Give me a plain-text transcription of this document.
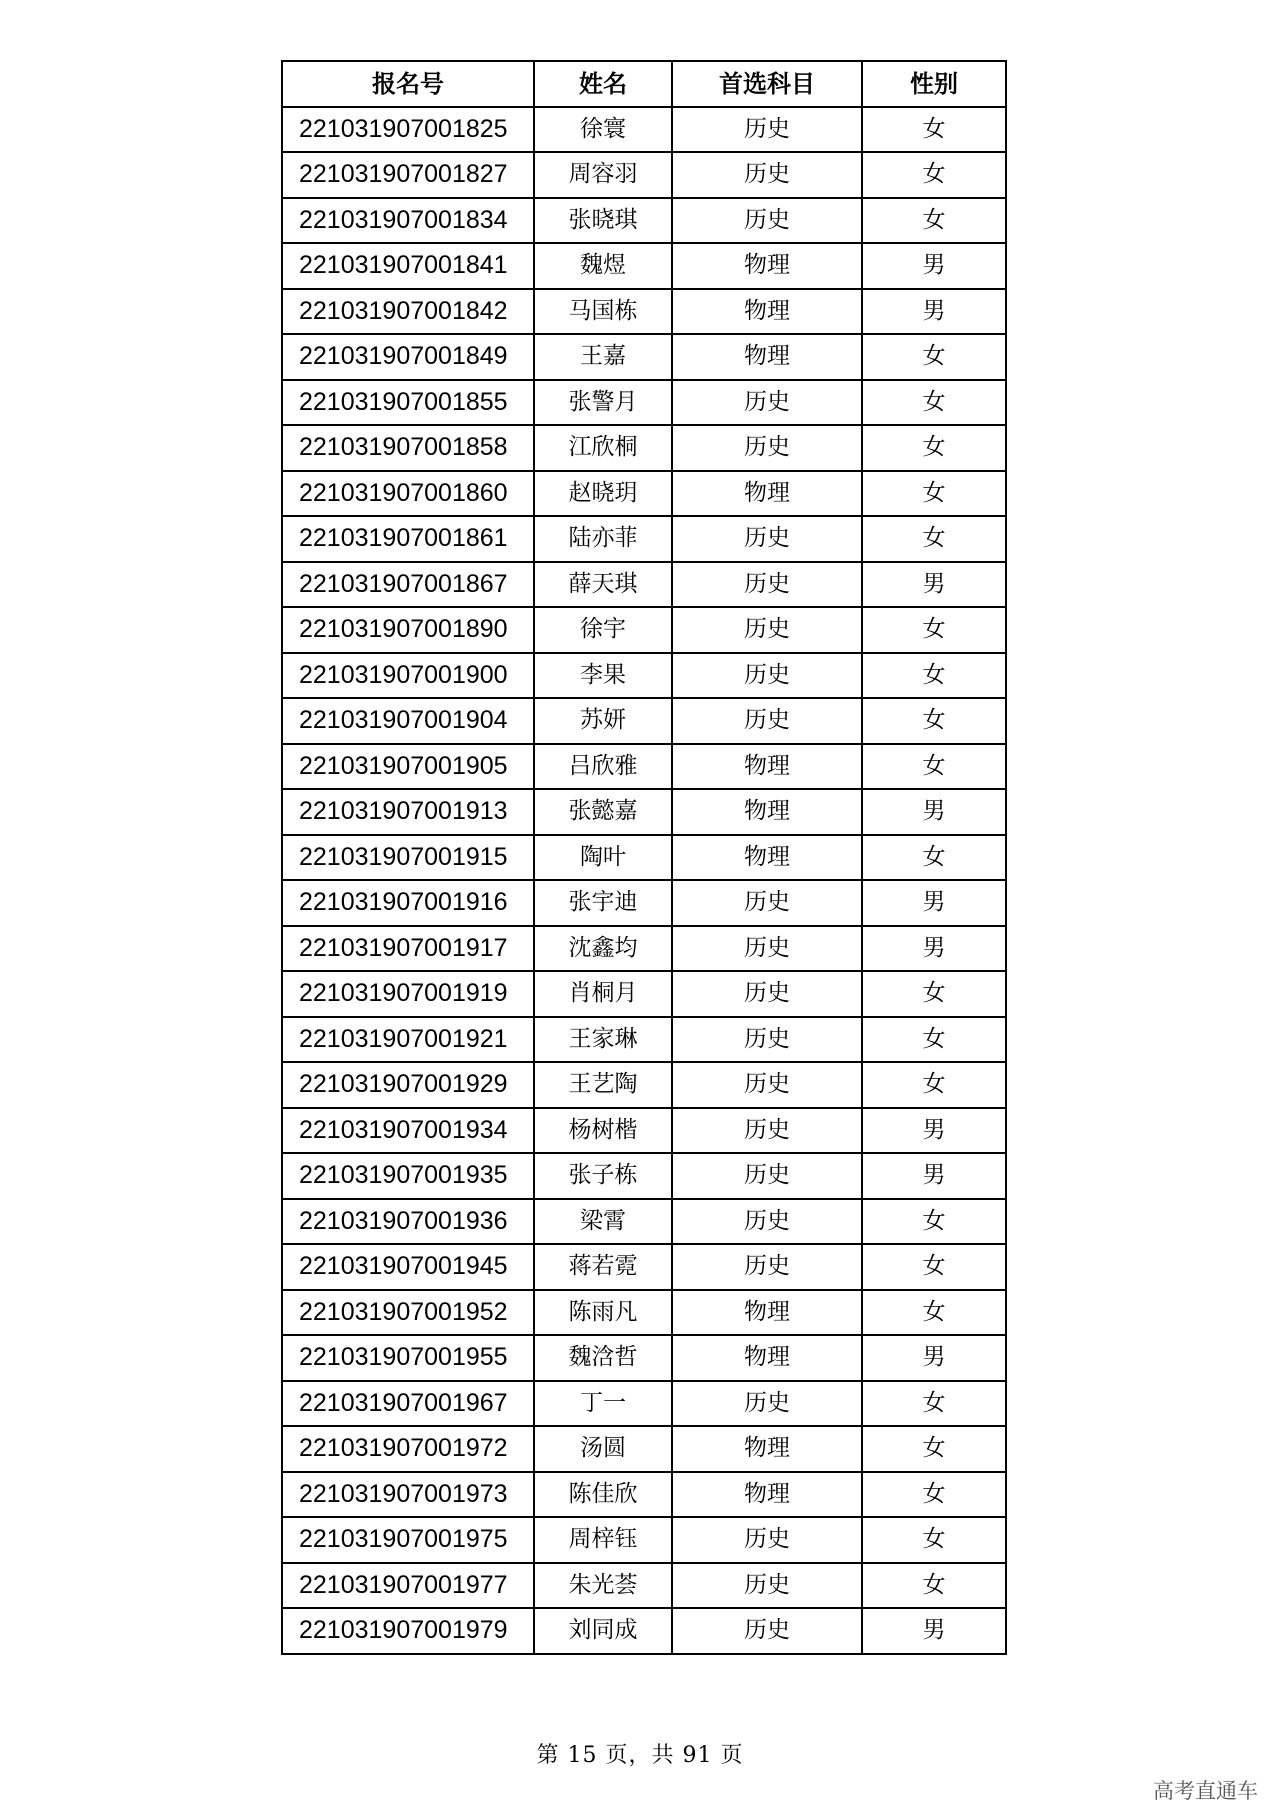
报名号	姓名	首选科目	性别
221031907001825	徐寰	历史	女
221031907001827	周容羽	历史	女
221031907001834	张晓琪	历史	女
221031907001841	魏煜	物理	男
221031907001842	马国栋	物理	男
221031907001849	王嘉	物理	女
221031907001855	张警月	历史	女
221031907001858	江欣桐	历史	女
221031907001860	赵晓玥	物理	女
221031907001861	陆亦菲	历史	女
221031907001867	薛天琪	历史	男
221031907001890	徐宇	历史	女
221031907001900	李果	历史	女
221031907001904	苏妍	历史	女
221031907001905	吕欣雅	物理	女
221031907001913	张懿嘉	物理	男
221031907001915	陶叶	物理	女
221031907001916	张宇迪	历史	男
221031907001917	沈鑫均	历史	男
221031907001919	肖桐月	历史	女
221031907001921	王家琳	历史	女
221031907001929	王艺陶	历史	女
221031907001934	杨树楷	历史	男
221031907001935	张子栋	历史	男
221031907001936	梁霄	历史	女
221031907001945	蒋若霓	历史	女
221031907001952	陈雨凡	物理	女
221031907001955	魏浛哲	物理	男
221031907001967	丁一	历史	女
221031907001972	汤圆	物理	女
221031907001973	陈佳欣	物理	女
221031907001975	周梓钰	历史	女
221031907001977	朱光荟	历史	女
221031907001979	刘同成	历史	男
第 15 页，共 91 页
高考直通车
